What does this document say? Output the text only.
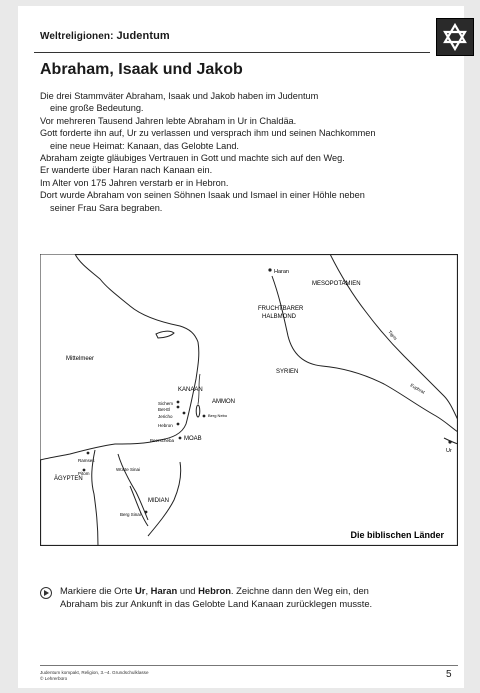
Weltreligionen: Judentum
Abraham, Isaak und Jakob
Die drei Stammväter Abraham, Isaak und Jakob haben im Judentum
eine große Bedeutung.
Vor mehreren Tausend Jahren lebte Abraham in Ur in Chaldäa.
Gott forderte ihn auf, Ur zu verlassen und versprach ihm und seinen Nachkommen
eine neue Heimat: Kanaan, das Gelobte Land.
Abraham zeigte gläubiges Vertrauen in Gott und machte sich auf den Weg.
Er wanderte über Haran nach Kanaan ein.
Im Alter von 175 Jahren verstarb er in Hebron.
Dort wurde Abraham von seinen Söhnen Isaak und Ismael in einer Höhle neben
seiner Frau Sara begraben.
Haran
MESOPOTAMIEN
FRUCHTBARER
HALBMOND
Tigris
Euphrat
SYRIEN
Mittelmeer
KANAAN
AMMON
Sichem
Bet-El
Jericho	Berg Nebo
Hebron
Beerscheba MOAB
Ramses
Pitom
ÄGYPTEN
Wüste Sinai
MIDIAN
Berg Sinai
Ur
Die biblischen Länder
Markiere die Orte Ur, Haran und Hebron. Zeichne dann den Weg ein, den
Abraham bis zur Ankunft in das Gelobte Land Kanaan zurücklegen musste.
Judentum kompakt, Religion, 3.–4. Grundschulklasse
© Lehrerbüro	5
